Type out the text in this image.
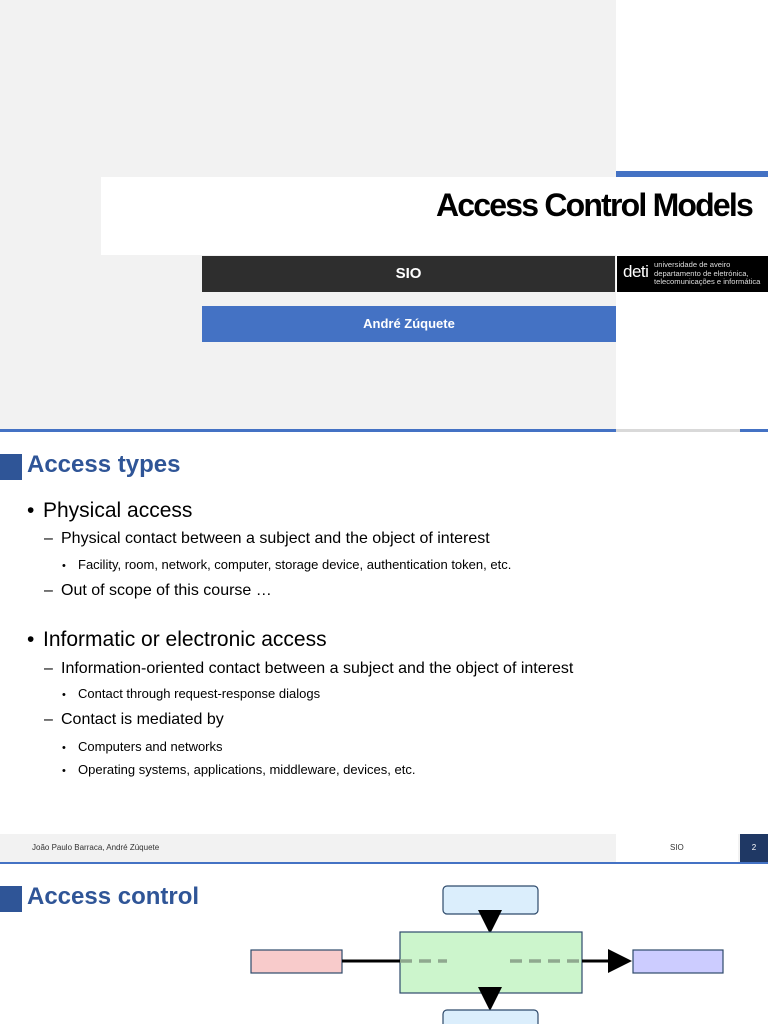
Access Control Models
SIO	deti universidade de aveiro
departamento de eletrónica,
telecomunicações e informática
André Zúquete
Access types
• Physical access
– Physical contact between a subject and the object of interest
• Facility, room, network, computer, storage device, authentication token, etc.
– Out of scope of this course …
• Informatic or electronic access
– Information-oriented contact between a subject and the object of interest
• Contact through request-response dialogs
– Contact is mediated by
• Computers and networks
• Operating systems, applications, middleware, devices, etc.
João Paulo Barraca, André Zúquete	SIO	2
Access control
